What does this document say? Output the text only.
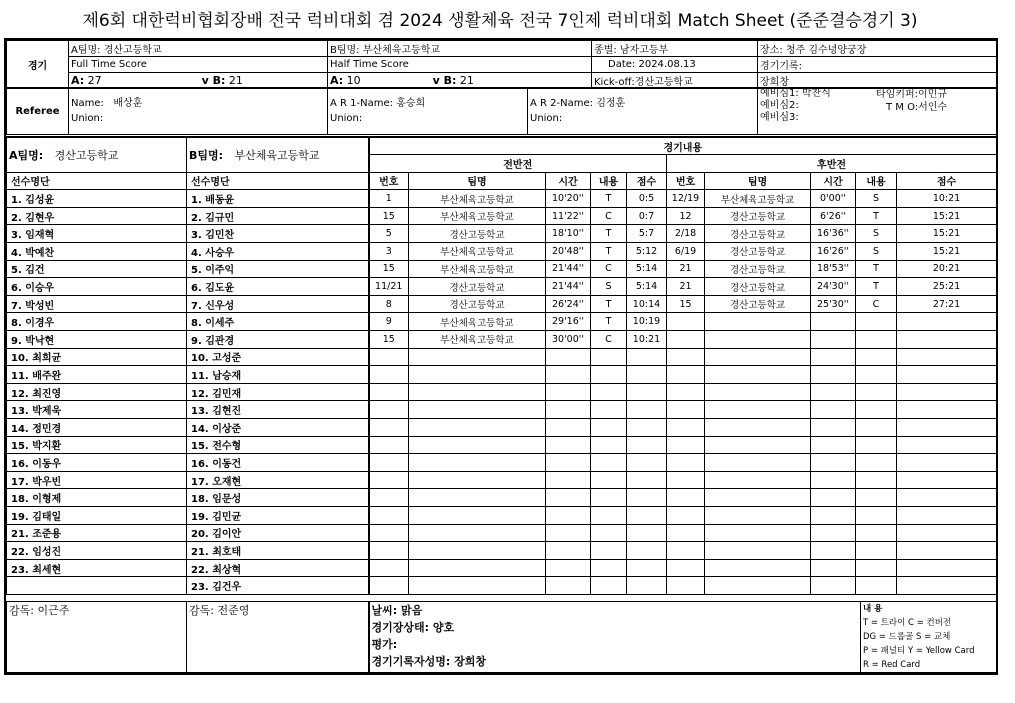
제6회 대한럭비협회장배 전국 럭비대회 겸 2024 생활체육 전국 7인제 럭비대회 Match Sheet (준준결승경기 3)
경기	A팀명: 경산고등학교	B팀명: 부산체육고등학교	종별: 남자고등부	장소: 청주 김수녕양궁장
	Full Time Score	Half Time Score	Date: 2024.08.13	경기기록:
	A: 27 v B: 21	A: 10 v B: 21	Kick-off:경산고등학교	장희창
Referee	
Name: 배상훈
Union:

A R 1-Name: 홍승희
Union:

A R 2-Name: 김정훈
Union:

예비심1: 박찬식
예비심2:
예비심3:
타임키퍼:이민규
T M O:서인수
A팀명: 경산고등학교	B팀명: 부산체육고등학교	경기내용									
		전반전					후반전				
선수명단	선수명단	번호	팀명	시간	내용	점수	번호	팀명	시간	내용	점수
1. 김성윤	1. 배동윤	1	부산체육고등학교	10'20''	T	0:5	12/19	부산체육고등학교	0'00''	S	10:21
2. 김현우	2. 김규민	15	부산체육고등학교	11'22''	C	0:7	12	경산고등학교	6'26''	T	15:21
3. 임재혁	3. 김민찬	5	경산고등학교	18'10''	T	5:7	2/18	경산고등학교	16'36''	S	15:21
4. 박예찬	4. 사승우	3	부산체육고등학교	20'48''	T	5:12	6/19	경산고등학교	16'26''	S	15:21
5. 김건	5. 이주익	15	부산체육고등학교	21'44''	C	5:14	21	경산고등학교	18'53''	T	20:21
6. 이승우	6. 김도윤	11/21	경산고등학교	21'44''	S	5:14	21	경산고등학교	24'30''	T	25:21
7. 박성빈	7. 신우성	8	경산고등학교	26'24''	T	10:14	15	경산고등학교	25'30''	C	27:21
8. 이경우	8. 이세주	9	부산체육고등학교	29'16''	T	10:19					
9. 박낙현	9. 김관경	15	부산체육고등학교	30'00''	C	10:21					
10. 최희균	10. 고성준										
11. 배주완	11. 남승재										
12. 최진영	12. 김민재										
13. 박제욱	13. 김현진										
14. 정민경	14. 이상준										
15. 박지환	15. 전수형										
16. 이동우	16. 이동건										
17. 박우빈	17. 오재현										
18. 이형제	18. 임문성										
19. 김태일	19. 김민균										
21. 조준용	20. 김이안										
22. 임성진	21. 최호태										
23. 최세현	22. 최상혁										
	23. 김건우										
감독: 이근주	감독: 전준영	날씨: 맑음
경기장상태: 양호
평가:
경기기록자성명: 장희창

내 용
T = 트라이 C = 컨버전
DG = 드롭골 S = 교체
P = 패널티 Y = Yellow Card
R = Red Card
